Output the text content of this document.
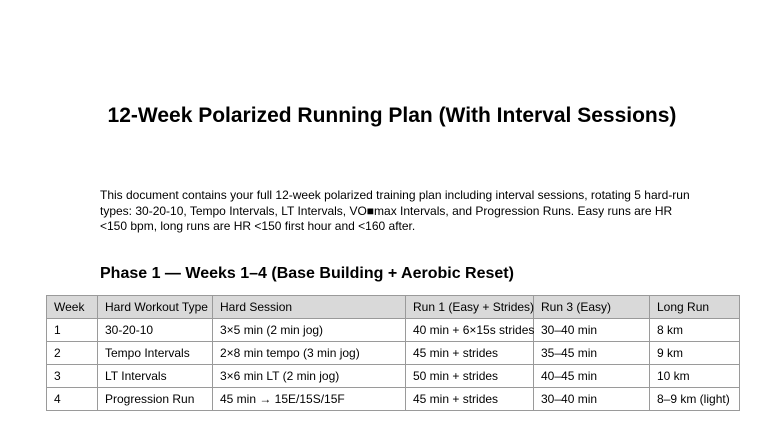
12-Week Polarized Running Plan (With Interval Sessions)

This document contains your full 12-week polarized training plan including interval sessions, rotating 5 hard-run types: 30-20-10, Tempo Intervals, LT Intervals, VO■max Intervals, and Progression Runs. Easy runs are HR <150 bpm, long runs are HR <150 first hour and <160 after.

Phase 1 — Weeks 1–4 (Base Building + Aerobic Reset)
Week	Hard Workout Type	Hard Session	Run 1 (Easy + Strides)	Run 3 (Easy)	Long Run
1	30-20-10	3×5 min (2 min jog)	40 min + 6×15s strides	30–40 min	8 km
2	Tempo Intervals	2×8 min tempo (3 min jog)	45 min + strides	35–45 min	9 km
3	LT Intervals	3×6 min LT (2 min jog)	50 min + strides	40–45 min	10 km
4	Progression Run	45 min → 15E/15S/15F	45 min + strides	30–40 min	8–9 km (light)
